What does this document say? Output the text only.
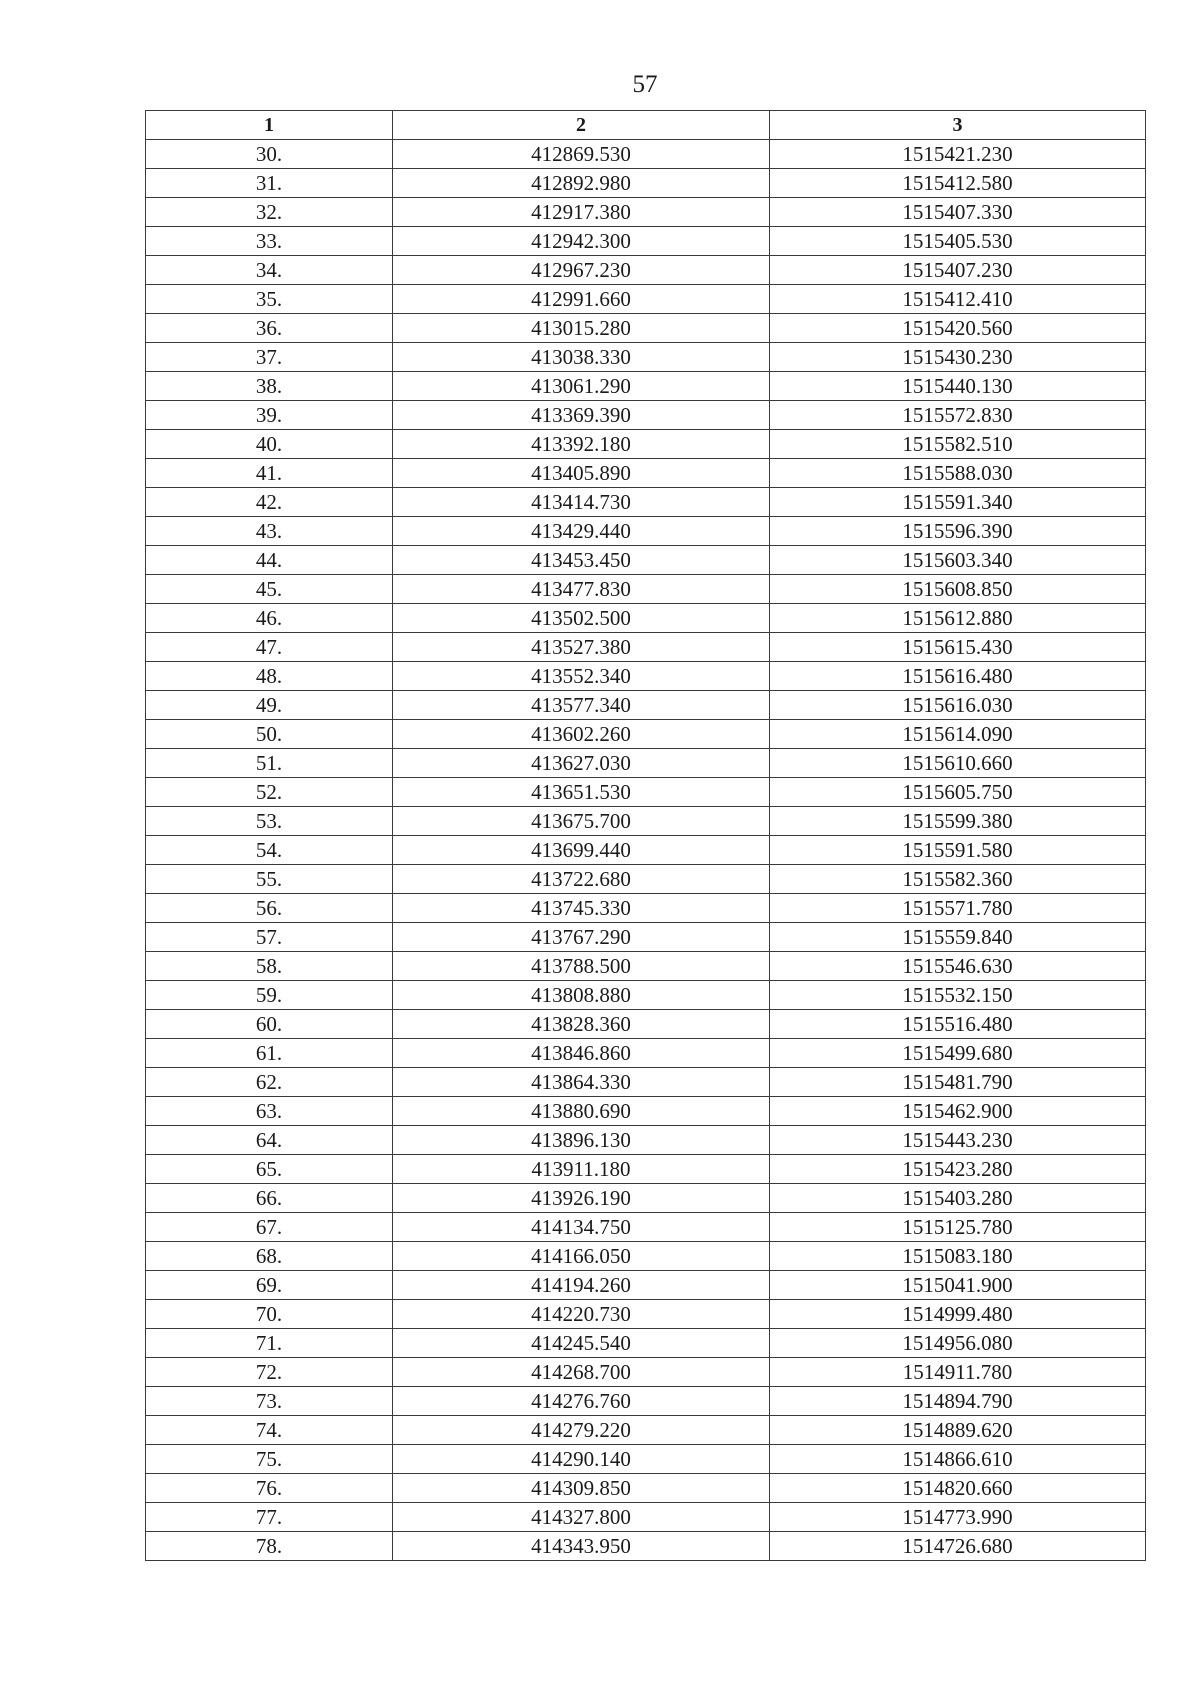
57
1	2	3
30.	412869.530	1515421.230
31.	412892.980	1515412.580
32.	412917.380	1515407.330
33.	412942.300	1515405.530
34.	412967.230	1515407.230
35.	412991.660	1515412.410
36.	413015.280	1515420.560
37.	413038.330	1515430.230
38.	413061.290	1515440.130
39.	413369.390	1515572.830
40.	413392.180	1515582.510
41.	413405.890	1515588.030
42.	413414.730	1515591.340
43.	413429.440	1515596.390
44.	413453.450	1515603.340
45.	413477.830	1515608.850
46.	413502.500	1515612.880
47.	413527.380	1515615.430
48.	413552.340	1515616.480
49.	413577.340	1515616.030
50.	413602.260	1515614.090
51.	413627.030	1515610.660
52.	413651.530	1515605.750
53.	413675.700	1515599.380
54.	413699.440	1515591.580
55.	413722.680	1515582.360
56.	413745.330	1515571.780
57.	413767.290	1515559.840
58.	413788.500	1515546.630
59.	413808.880	1515532.150
60.	413828.360	1515516.480
61.	413846.860	1515499.680
62.	413864.330	1515481.790
63.	413880.690	1515462.900
64.	413896.130	1515443.230
65.	413911.180	1515423.280
66.	413926.190	1515403.280
67.	414134.750	1515125.780
68.	414166.050	1515083.180
69.	414194.260	1515041.900
70.	414220.730	1514999.480
71.	414245.540	1514956.080
72.	414268.700	1514911.780
73.	414276.760	1514894.790
74.	414279.220	1514889.620
75.	414290.140	1514866.610
76.	414309.850	1514820.660
77.	414327.800	1514773.990
78.	414343.950	1514726.680
